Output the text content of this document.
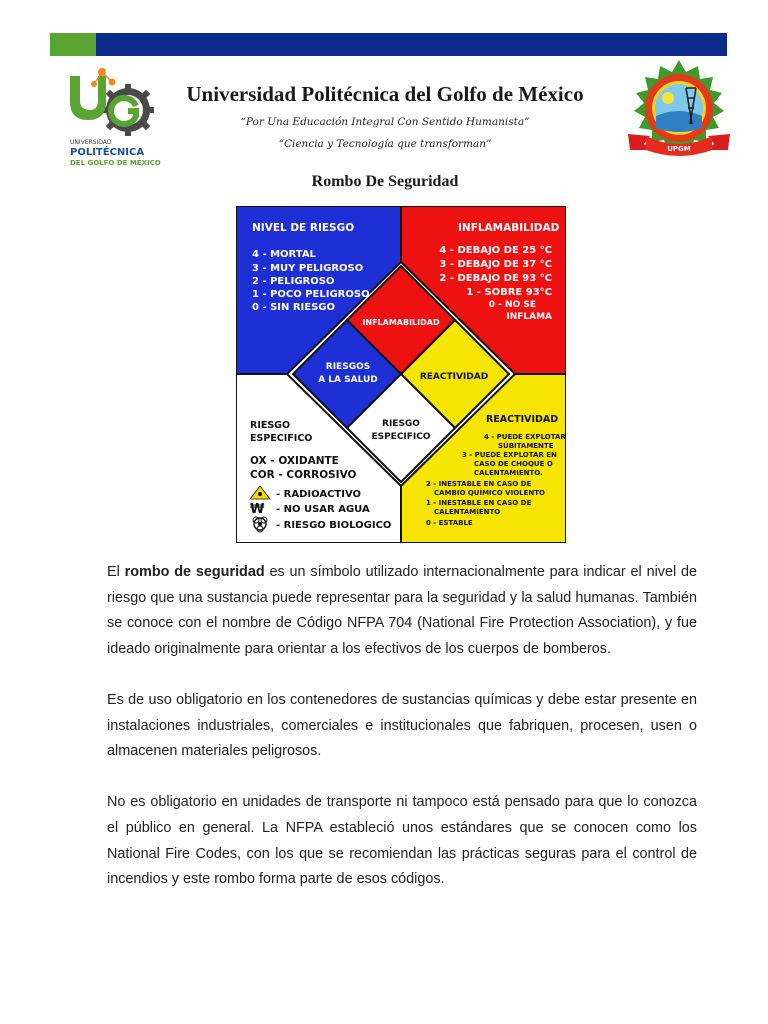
UNIVERSIDAD
POLITÉCNICA
DEL GOLFO DE MÉXICO
Universidad Politécnica del Golfo de México
“Por Una Educación Integral Con Sentido Humanista”
“Ciencia y Tecnología que transforman”	UPGM
Rombo De Seguridad
NIVEL DE RIESGO
4 - MORTAL
3 - MUY PELIGROSO
2 - PELIGROSO
1 - POCO PELIGROSO
0 - SIN RIESGO
INFLAMABILIDAD
4 - DEBAJO DE 25 °C
3 - DEBAJO DE 37 °C
2 - DEBAJO DE 93 °C
1 - SOBRE 93°C
0 - NO SE
INFLAMA
INFLAMABILIDAD
RIESGOS
A LA SALUD	REACTIVIDAD
RIESGO
ESPECIFICO
RIESGO
ESPECIFICO
OX - OXIDANTE
COR - CORROSIVO
- RADIOACTIVO
₩ - NO USAR AGUA
- RIESGO BIOLOGICO
REACTIVIDAD
4 - PUEDE EXPLOTAR
SÚBITAMENTE
3 - PUEDE EXPLOTAR EN
CASO DE CHOQUE O
CALENTAMIENTO.
2 - INESTABLE EN CASO DE
CAMBIO QUÍMICO VIOLENTO
1 - INESTABLE EN CASO DE
CALENTAMIENTO
0 - ESTABLE

El rombo de seguridad es un símbolo utilizado internacionalmente para indicar el nivel de riesgo que una sustancia puede representar para la seguridad y la salud humanas. También se conoce con el nombre de Código NFPA 704 (National Fire Protection Association), y fue ideado originalmente para orientar a los efectivos de los cuerpos de bomberos.

Es de uso obligatorio en los contenedores de sustancias químicas y debe estar presente en instalaciones industriales, comerciales e institucionales que fabriquen, procesen, usen o almacenen materiales peligrosos.

No es obligatorio en unidades de transporte ni tampoco está pensado para que lo conozca el público en general. La NFPA estableció unos estándares que se conocen como los National Fire Codes, con los que se recomiendan las prácticas seguras para el control de incendios y este rombo forma parte de esos códigos.
